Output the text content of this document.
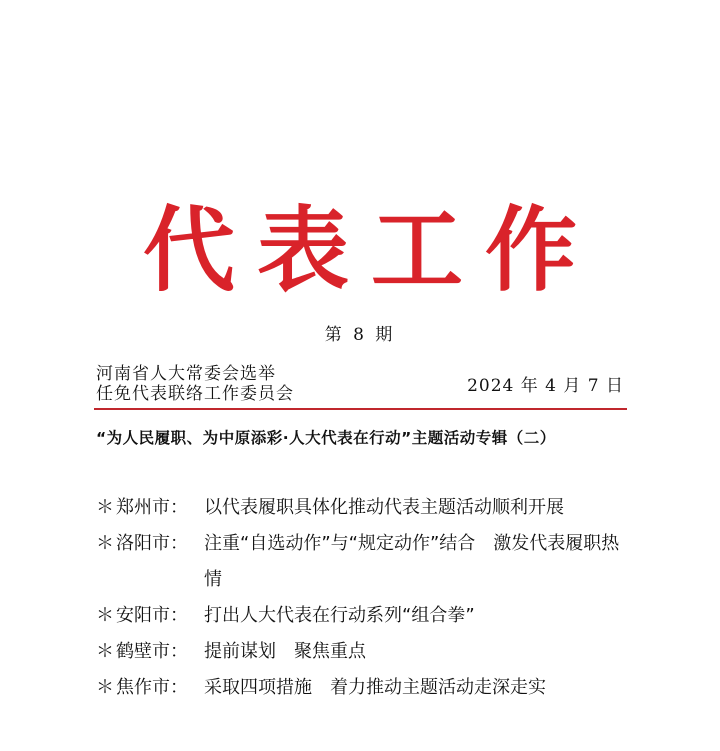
代表工作
第 8 期
河南省人大常委会选举
任免代表联络工作委员会	2024 年 4 月 7 日
“为人民履职、为中原添彩·人大代表在行动”主题活动专辑（二）
＊ 郑州市： 以代表履职具体化推动代表主题活动顺利开展
＊ 洛阳市： 注重“自选动作”与“规定动作”结合　激发代表履职热情
＊ 安阳市： 打出人大代表在行动系列“组合拳”
＊ 鹤壁市： 提前谋划　聚焦重点
＊ 焦作市： 采取四项措施　着力推动主题活动走深走实
